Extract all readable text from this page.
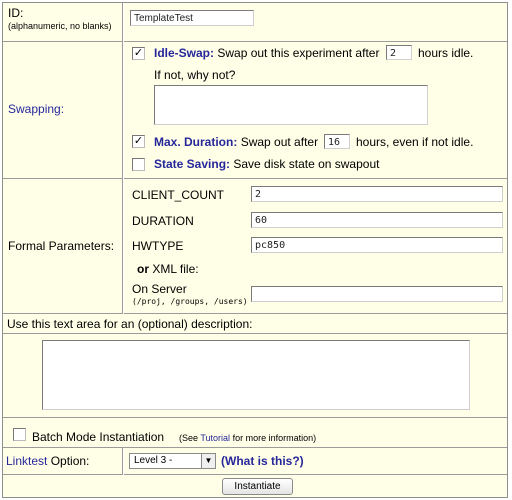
ID:
(alphanumeric, no blanks)
TemplateTest
Swapping:
✓ Idle-Swap: Swap out this experiment after	2	hours idle.
If not, why not?
✓ Max. Duration: Swap out after 16	hours, even if not idle.
State Saving: Save disk state on swapout
Formal Parameters:
CLIENT_COUNT	2
DURATION	60
HWTYPE	pc850
or XML file:
On Server
(/proj, /groups, /users)
Use this text area for an (optional) description:
Batch Mode Instantiation (See Tutorial for more information)
Linktest Option:	Level 3 -	▼ (What is this?)
Instantiate
